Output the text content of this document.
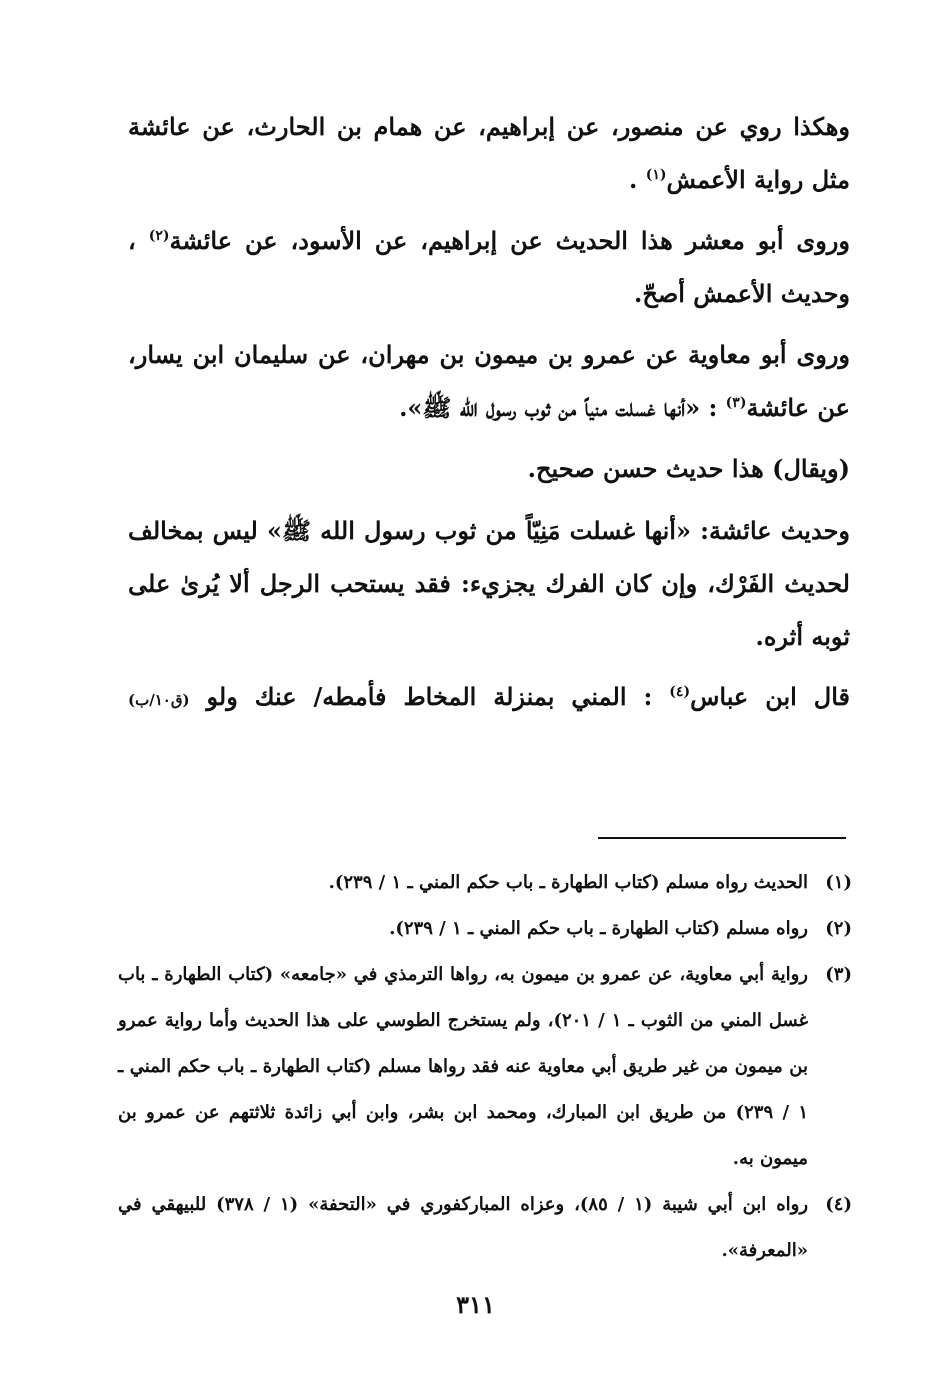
وهكذا روي عن منصور، عن إبراهيم، عن همام بن الحارث، عن عائشة مثل رواية الأعمش$^{(١)}$ .

وروى أبو معشر هذا الحديث عن إبراهيم، عن الأسود، عن عائشة$^{(٢)}$ ، وحديث الأعمش أصحّ.

وروى أبو معاوية عن عمرو بن ميمون بن مهران، عن سليمان ابن يسار، عن عائشة$^{(٣)}$ : «أنها غسلت منياً من ثوب رسول الله ﷺ».

(ويقال) هذا حديث حسن صحيح.

وحديث عائشة: «أنها غسلت مَنِيّاً من ثوب رسول الله ﷺ» ليس بمخالف لحديث الفَرْك، وإن كان الفرك يجزيء: فقد يستحب الرجل ألا يُرىٰ على ثوبه أثره.

قال ابن عباس$^{(٤)}$ : المني بمنزلة المخاط فأمطه/ عنك ولو (ق١٠/ب)

(١)
الحديث رواه مسلم (كتاب الطهارة ـ باب حكم المني ـ ١ / ٢٣٩).
(٢)
رواه مسلم (كتاب الطهارة ـ باب حكم المني ـ ١ / ٢٣٩).
(٣)
رواية أبي معاوية، عن عمرو بن ميمون به، رواها الترمذي في «جامعه» (كتاب الطهارة ـ باب غسل المني من الثوب ـ ١ / ٢٠١)، ولم يستخرج الطوسي على هذا الحديث وأما رواية عمرو بن ميمون من غير طريق أبي معاوية عنه فقد رواها مسلم (كتاب الطهارة ـ باب حكم المني ـ ١ / ٢٣٩) من طريق ابن المبارك، ومحمد ابن بشر، وابن أبي زائدة ثلاثتهم عن عمرو بن ميمون به.
(٤)
رواه ابن أبي شيبة (١ / ٨٥)، وعزاه المباركفوري في «التحفة» (١ / ٣٧٨) للبيهقي في «المعرفة».
٣١١
